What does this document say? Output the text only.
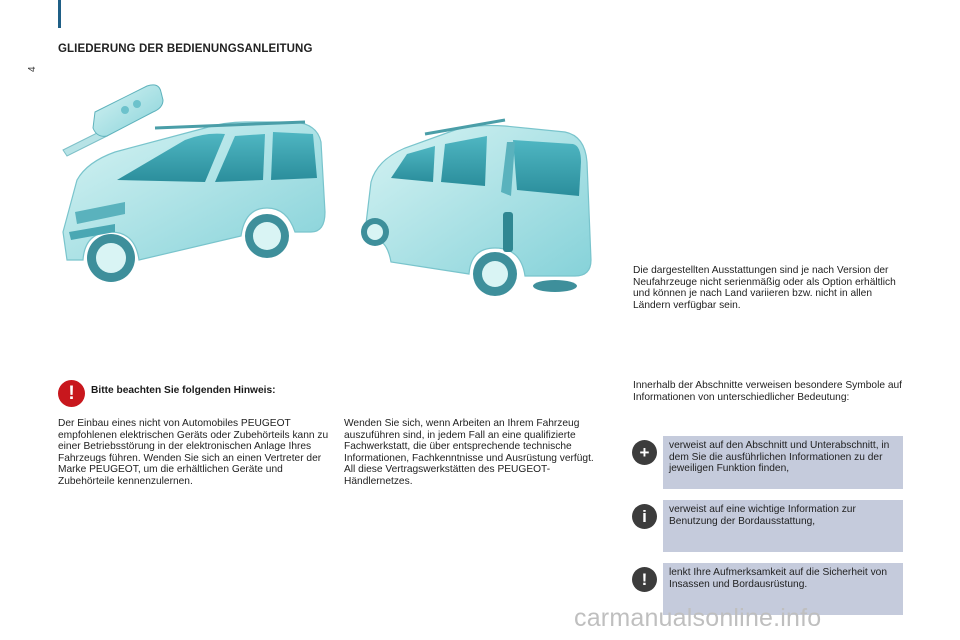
4
GLIEDERUNG DER BEDIENUNGSANLEITUNG

Die dargestellten Ausstattungen sind je nach Version der Neufahrzeuge nicht serienmäßig oder als Option erhältlich und können je nach Land variieren bzw. nicht in allen Ländern verfügbar sein.

!	Bitte beachten Sie folgenden Hinweis:

Der Einbau eines nicht von Automobiles PEUGEOT empfohlenen elektrischen Geräts oder Zubehörteils kann zu einer Betriebsstörung in der elektronischen Anlage Ihres Fahrzeugs führen. Wenden Sie sich an einen Vertreter der Marke PEUGEOT, um die erhältlichen Geräte und Zubehörteile kennenzulernen.

Wenden Sie sich, wenn Arbeiten an Ihrem Fahrzeug auszuführen sind, in jedem Fall an eine qualifizierte Fachwerkstatt, die über entsprechende technische Informationen, Fachkenntnisse und Ausrüstung verfügt. All diese Vertragswerkstätten des PEUGEOT-Händlernetzes.

Innerhalb der Abschnitte verweisen besondere Symbole auf Informationen von unterschiedlicher Bedeutung:

+	verweist auf den Abschnitt und Unterabschnitt, in dem Sie die ausführlichen Informationen zu der jeweiligen Funktion finden,
i	verweist auf eine wichtige Information zur Benutzung der Bordausstattung,
!	lenkt Ihre Aufmerksamkeit auf die Sicherheit von Insassen und Bordausrüstung.
carmanualsonline.info
